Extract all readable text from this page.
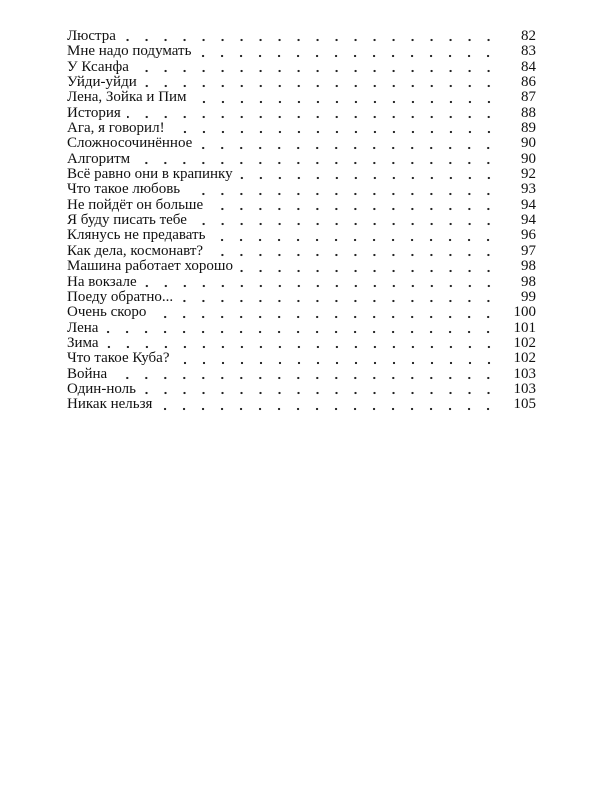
Люстра	82
Мне надо подумать	83
У Ксанфа	84
Уйди-уйди	86
Лена, Зойка и Пим	87
История	88
Ага, я говорил!	89
Сложносочинённое	90
Алгоритм	90
Всё равно они в крапинку	92
Что такое любовь	93
Не пойдёт он больше	94
Я буду писать тебе	94
Клянусь не предавать	96
Как дела, космонавт?	97
Машина работает хорошо	98
На вокзале	98
Поеду обратно...	99
Очень скоро	100
Лена	101
Зима	102
Что такое Куба?	102
Война	103
Один-ноль	103
Никак нельзя	105
